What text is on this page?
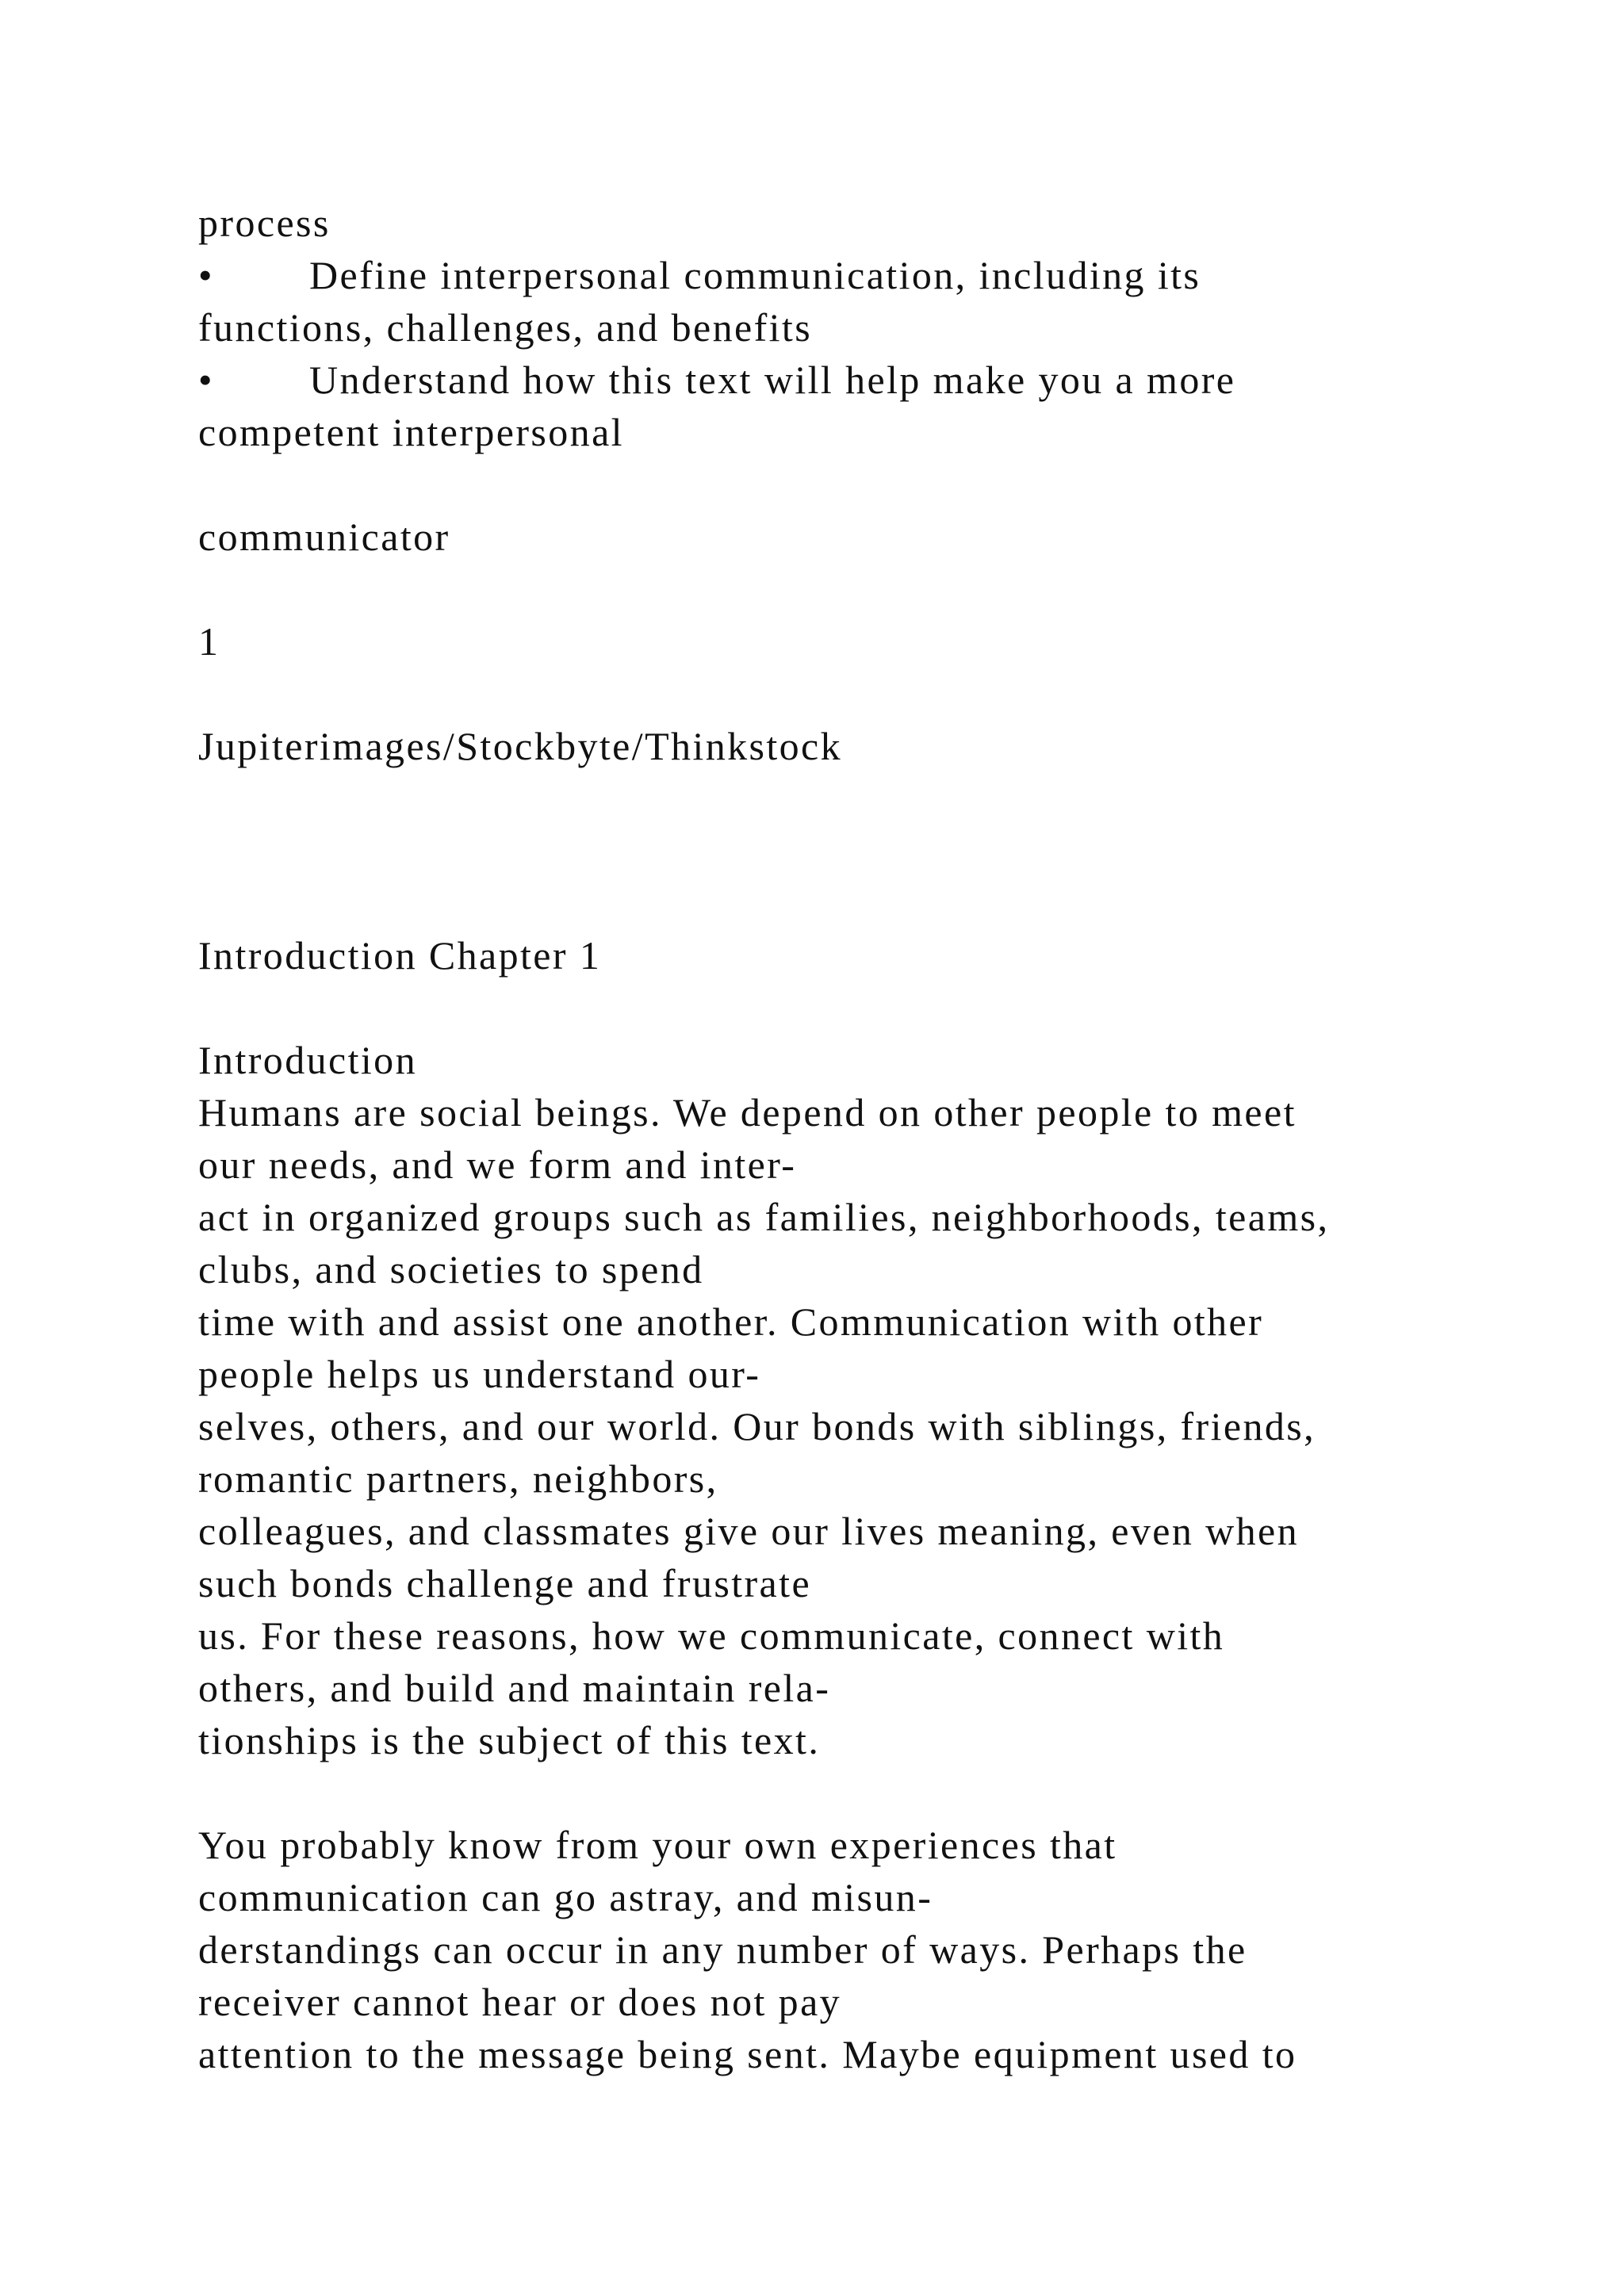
process

• Define interpersonal communication, including its

functions, challenges, and benefits

• Understand how this text will help make you a more

competent interpersonal

communicator

1

Jupiterimages/Stockbyte/Thinkstock

Introduction Chapter 1

Introduction

Humans are social beings. We depend on other people to meet

our needs, and we form and inter-

act in organized groups such as families, neighborhoods, teams,

clubs, and societies to spend

time with and assist one another. Communication with other

people helps us understand our-

selves, others, and our world. Our bonds with siblings, friends,

romantic partners, neighbors,

colleagues, and classmates give our lives meaning, even when

such bonds challenge and frustrate

us. For these reasons, how we communicate, connect with

others, and build and maintain rela-

tionships is the subject of this text.

You probably know from your own experiences that

communication can go astray, and misun-

derstandings can occur in any number of ways. Perhaps the

receiver cannot hear or does not pay

attention to the message being sent. Maybe equipment used to
